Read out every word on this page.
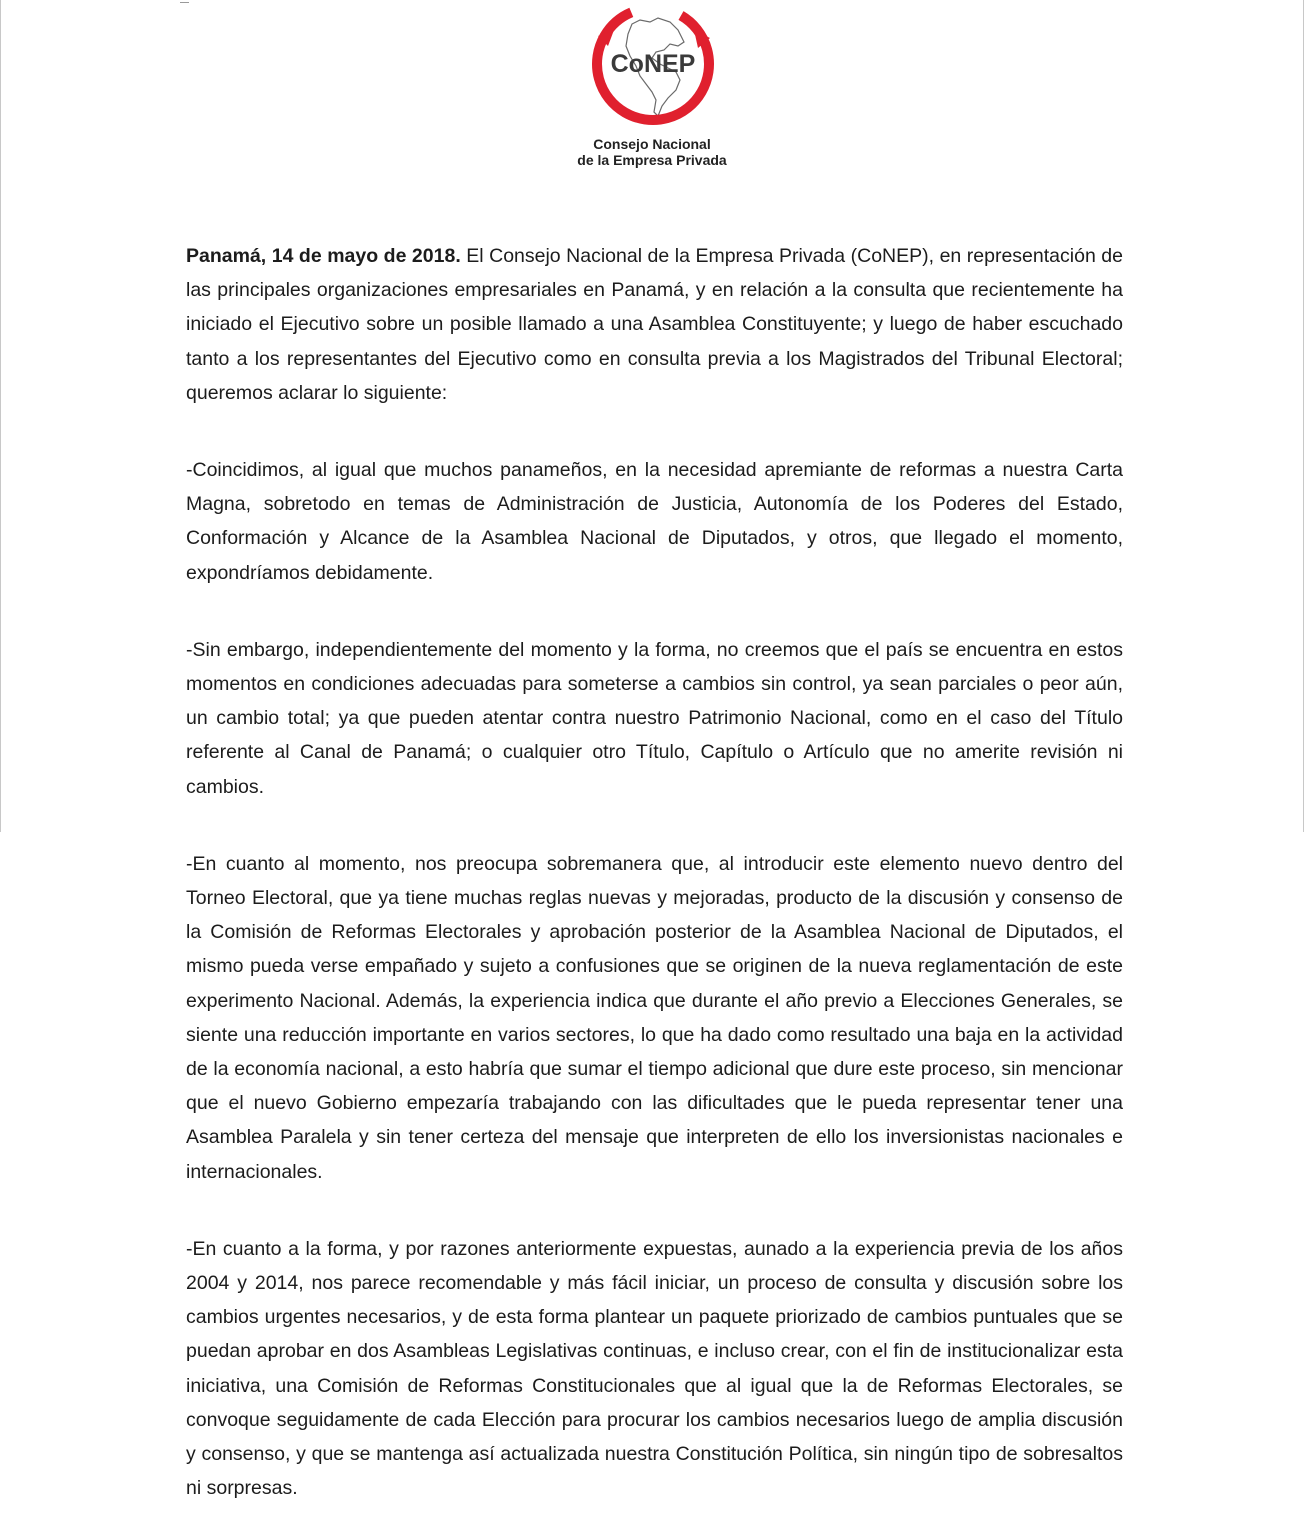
CoNEP
Consejo Nacional
de la Empresa Privada

Panamá, 14 de mayo de 2018. El Consejo Nacional de la Empresa Privada (CoNEP), en representación de las principales organizaciones empresariales en Panamá, y en relación a la consulta que recientemente ha iniciado el Ejecutivo sobre un posible llamado a una Asamblea Constituyente; y luego de haber escuchado tanto a los representantes del Ejecutivo como en consulta previa a los Magistrados del Tribunal Electoral; queremos aclarar lo siguiente:

-Coincidimos, al igual que muchos panameños, en la necesidad apremiante de reformas a nuestra Carta Magna, sobretodo en temas de Administración de Justicia, Autonomía de los Poderes del Estado, Conformación y Alcance de la Asamblea Nacional de Diputados, y otros, que llegado el momento, expondríamos debidamente.

-Sin embargo, independientemente del momento y la forma, no creemos que el país se encuentra en estos momentos en condiciones adecuadas para someterse a cambios sin control, ya sean parciales o peor aún, un cambio total; ya que pueden atentar contra nuestro Patrimonio Nacional, como en el caso del Título referente al Canal de Panamá; o cualquier otro Título, Capítulo o Artículo que no amerite revisión ni cambios.

-En cuanto al momento, nos preocupa sobremanera que, al introducir este elemento nuevo dentro del Torneo Electoral, que ya tiene muchas reglas nuevas y mejoradas, producto de la discusión y consenso de la Comisión de Reformas Electorales y aprobación posterior de la Asamblea Nacional de Diputados, el mismo pueda verse empañado y sujeto a confusiones que se originen de la nueva reglamentación de este experimento Nacional. Además, la experiencia indica que durante el año previo a Elecciones Generales, se siente una reducción importante en varios sectores, lo que ha dado como resultado una baja en la actividad de la economía nacional, a esto habría que sumar el tiempo adicional que dure este proceso, sin mencionar que el nuevo Gobierno empezaría trabajando con las dificultades que le pueda representar tener una Asamblea Paralela y sin tener certeza del mensaje que interpreten de ello los inversionistas nacionales e internacionales.

-En cuanto a la forma, y por razones anteriormente expuestas, aunado a la experiencia previa de los años 2004 y 2014, nos parece recomendable y más fácil iniciar, un proceso de consulta y discusión sobre los cambios urgentes necesarios, y de esta forma plantear un paquete priorizado de cambios puntuales que se puedan aprobar en dos Asambleas Legislativas continuas, e incluso crear, con el fin de institucionalizar esta iniciativa, una Comisión de Reformas Constitucionales que al igual que la de Reformas Electorales, se convoque seguidamente de cada Elección para procurar los cambios necesarios luego de amplia discusión y consenso, y que se mantenga así actualizada nuestra Constitución Política, sin ningún tipo de sobresaltos ni sorpresas.
